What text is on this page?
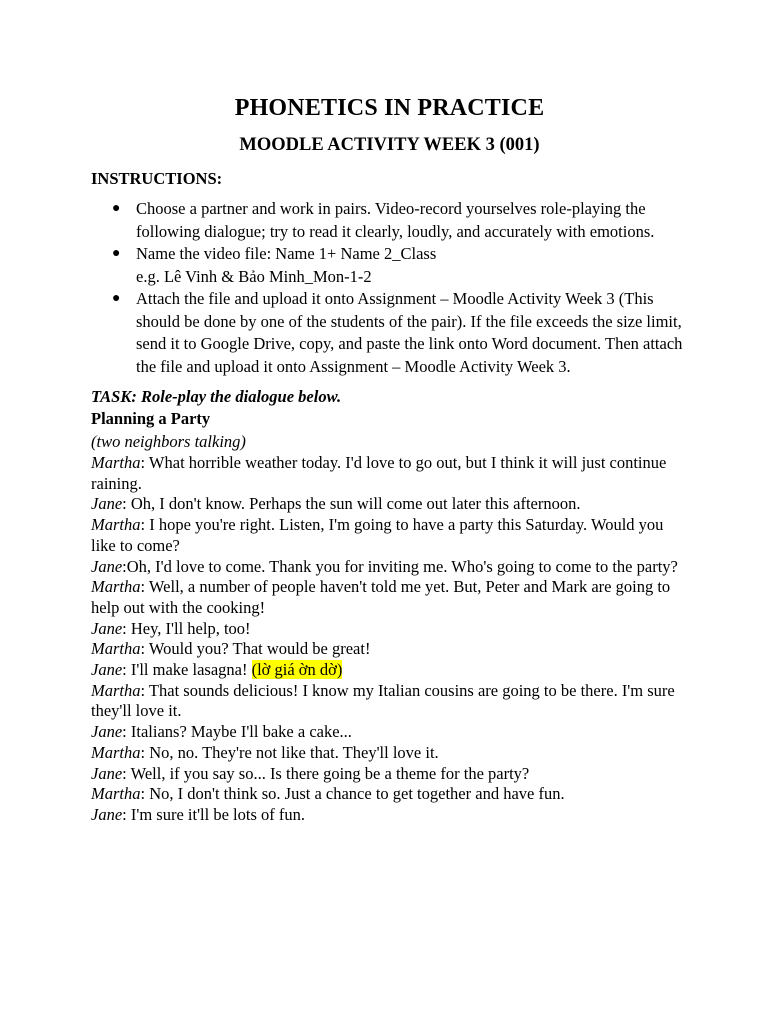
PHONETICS IN PRACTICE
MOODLE ACTIVITY WEEK 3 (001)

INSTRUCTIONS:

● Choose a partner and work in pairs. Video-record yourselves role-playing the following dialogue; try to read it clearly, loudly, and accurately with emotions.
● Name the video file: Name 1+ Name 2_Class
e.g. Lê Vinh & Bảo Minh_Mon-1-2
● Attach the file and upload it onto Assignment – Moodle Activity Week 3 (This should be done by one of the students of the pair). If the file exceeds the size limit, send it to Google Drive, copy, and paste the link onto Word document. Then attach the file and upload it onto Assignment – Moodle Activity Week 3.

TASK: Role-play the dialogue below.

Planning a Party

(two neighbors talking)

Martha: What horrible weather today. I'd love to go out, but I think it will just continue raining.

Jane: Oh, I don't know. Perhaps the sun will come out later this afternoon.

Martha: I hope you're right. Listen, I'm going to have a party this Saturday. Would you like to come?

Jane:Oh, I'd love to come. Thank you for inviting me. Who's going to come to the party?

Martha: Well, a number of people haven't told me yet. But, Peter and Mark are going to help out with the cooking!

Jane: Hey, I'll help, too!

Martha: Would you? That would be great!

Jane: I'll make lasagna! (lờ giá ờn dờ)

Martha: That sounds delicious! I know my Italian cousins are going to be there. I'm sure they'll love it.

Jane: Italians? Maybe I'll bake a cake...

Martha: No, no. They're not like that. They'll love it.

Jane: Well, if you say so... Is there going be a theme for the party?

Martha: No, I don't think so. Just a chance to get together and have fun.

Jane: I'm sure it'll be lots of fun.
